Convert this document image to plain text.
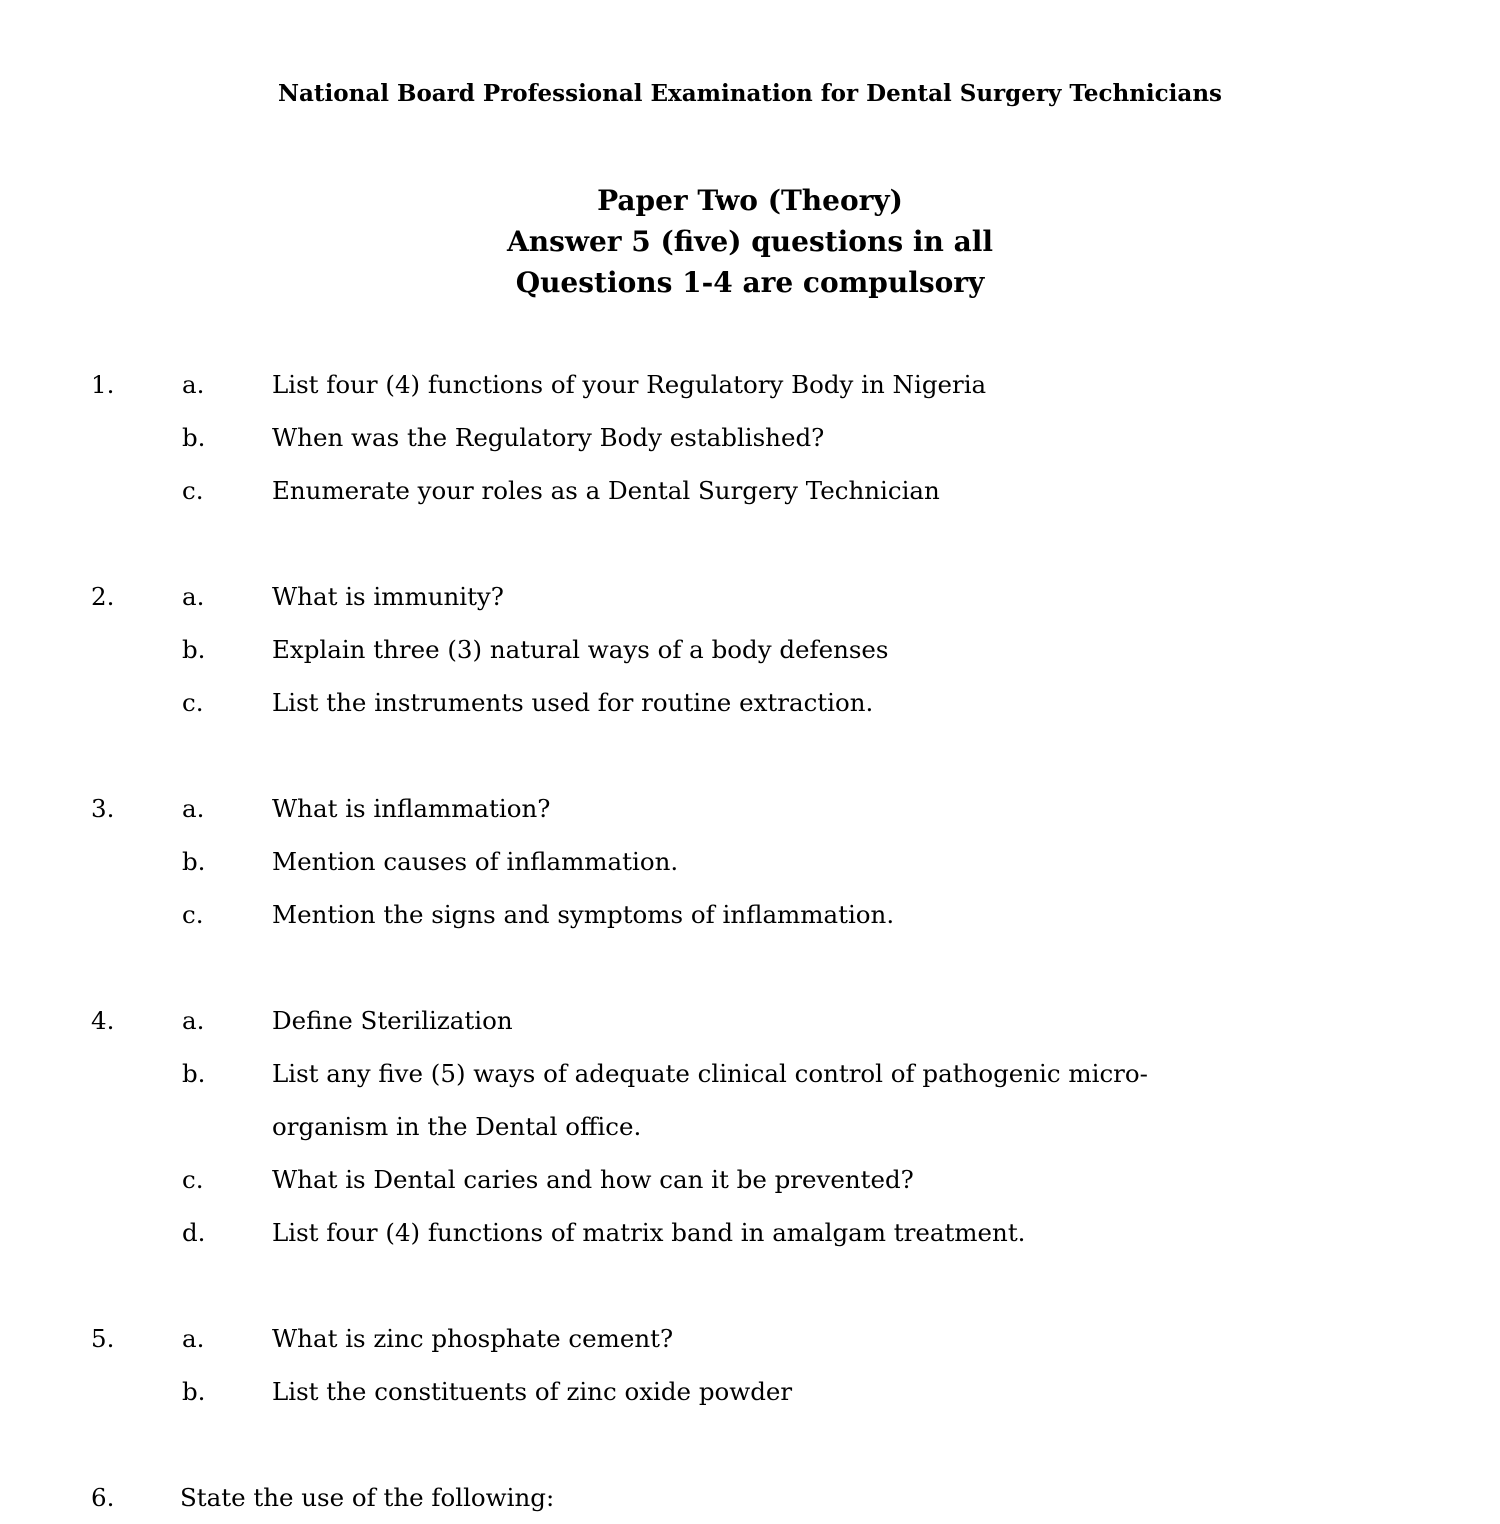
National Board Professional Examination for Dental Surgery Technicians
Paper Two (Theory)
Answer 5 (five) questions in all
Questions 1-4 are compulsory
1.	a.	List four (4) functions of your Regulatory Body in Nigeria
b.	When was the Regulatory Body established?
c.	Enumerate your roles as a Dental Surgery Technician
2.	a.	What is immunity?
b.	Explain three (3) natural ways of a body defenses
c.	List the instruments used for routine extraction.
3.	a.	What is inflammation?
b.	Mention causes of inflammation.
c.	Mention the signs and symptoms of inflammation.
4.	a.	Define Sterilization
b.	List any five (5) ways of adequate clinical control of pathogenic micro-
organism in the Dental office.
c.	What is Dental caries and how can it be prevented?
d.	List four (4) functions of matrix band in amalgam treatment.
5.	a.	What is zinc phosphate cement?
b.	List the constituents of zinc oxide powder
6.	State the use of the following:
